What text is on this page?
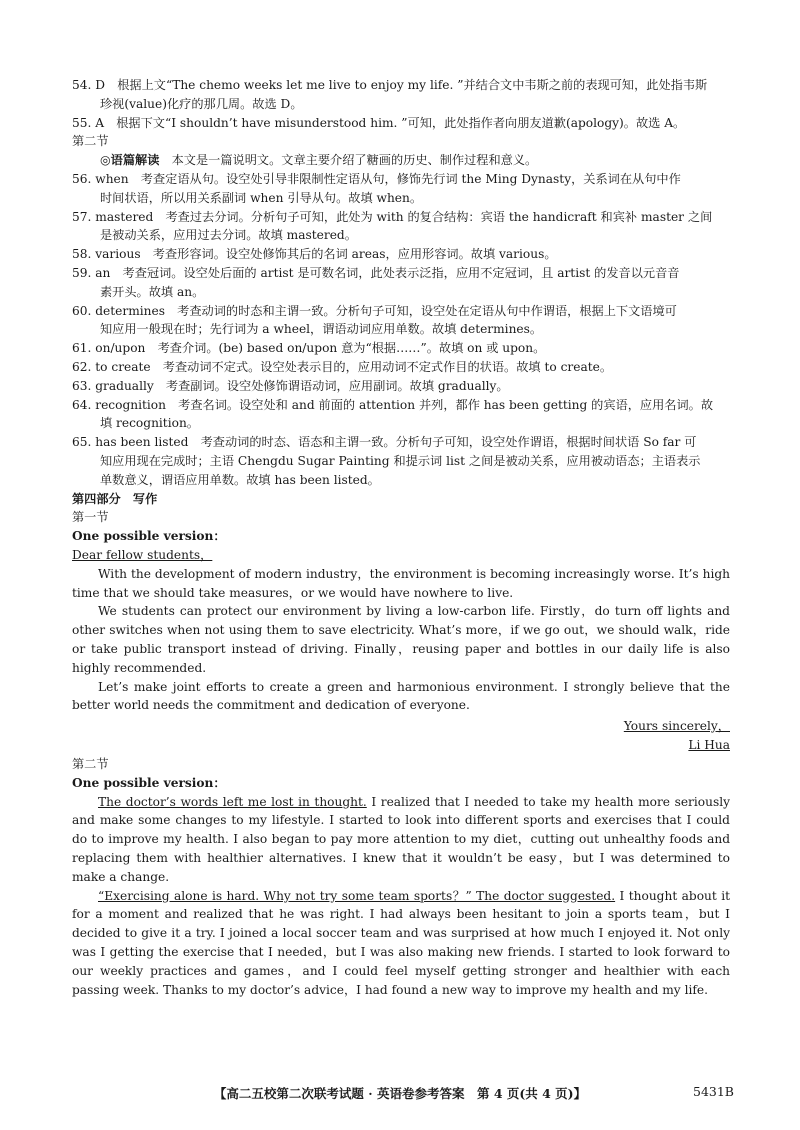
54. D　根据上文“The chemo weeks let me live to enjoy my life. ”并结合文中韦斯之前的表现可知，此处指韦斯
珍视(value)化疗的那几周。故选 D。
55. A　根据下文“I shouldn’t have misunderstood him. ”可知，此处指作者向朋友道歉(apology)。故选 A。
第二节
◎语篇解读　本文是一篇说明文。文章主要介绍了糖画的历史、制作过程和意义。
56. when　考查定语从句。设空处引导非限制性定语从句，修饰先行词 the Ming Dynasty，关系词在从句中作
时间状语，所以用关系副词 when 引导从句。故填 when。
57. mastered　考查过去分词。分析句子可知，此处为 with 的复合结构：宾语 the handicraft 和宾补 master 之间
是被动关系，应用过去分词。故填 mastered。
58. various　考查形容词。设空处修饰其后的名词 areas，应用形容词。故填 various。
59. an　考查冠词。设空处后面的 artist 是可数名词，此处表示泛指，应用不定冠词，且 artist 的发音以元音音
素开头。故填 an。
60. determines　考查动词的时态和主谓一致。分析句子可知，设空处在定语从句中作谓语，根据上下文语境可
知应用一般现在时；先行词为 a wheel，谓语动词应用单数。故填 determines。
61. on/upon　考查介词。(be) based on/upon 意为“根据……”。故填 on 或 upon。
62. to create　考查动词不定式。设空处表示目的，应用动词不定式作目的状语。故填 to create。
63. gradually　考查副词。设空处修饰谓语动词，应用副词。故填 gradually。
64. recognition　考查名词。设空处和 and 前面的 attention 并列，都作 has been getting 的宾语，应用名词。故
填 recognition。
65. has been listed　考查动词的时态、语态和主谓一致。分析句子可知，设空处作谓语，根据时间状语 So far 可
知应用现在完成时；主语 Chengdu Sugar Painting 和提示词 list 之间是被动关系，应用被动语态；主语表示
单数意义，谓语应用单数。故填 has been listed。
第四部分　写作
第一节
One possible version：
Dear fellow students，

With the development of modern industry，the environment is becoming increasingly worse. It’s high time that we should take measures，or we would have nowhere to live.

We students can protect our environment by living a low-carbon life. Firstly，do turn off lights and other switches when not using them to save electricity. What’s more，if we go out，we should walk，ride or take public transport instead of driving. Finally，reusing paper and bottles in our daily life is also highly recommended.

Let’s make joint efforts to create a green and harmonious environment. I strongly believe that the better world needs the commitment and dedication of everyone.

Yours sincerely，
Li Hua
第二节
One possible version：

The doctor’s words left me lost in thought. I realized that I needed to take my health more seriously and make some changes to my lifestyle. I started to look into different sports and exercises that I could do to improve my health. I also began to pay more attention to my diet，cutting out unhealthy foods and replacing them with healthier alternatives. I knew that it wouldn’t be easy，but I was determined to make a change.

“Exercising alone is hard. Why not try some team sports？” The doctor suggested. I thought about it for a moment and realized that he was right. I had always been hesitant to join a sports team，but I decided to give it a try. I joined a local soccer team and was surprised at how much I enjoyed it. Not only was I getting the exercise that I needed，but I was also making new friends. I started to look forward to our weekly practices and games，and I could feel myself getting stronger and healthier with each passing week. Thanks to my doctor’s advice，I had found a new way to improve my health and my life.

【高二五校第二次联考试题 · 英语卷参考答案　第 4 页(共 4 页)】	5431B
